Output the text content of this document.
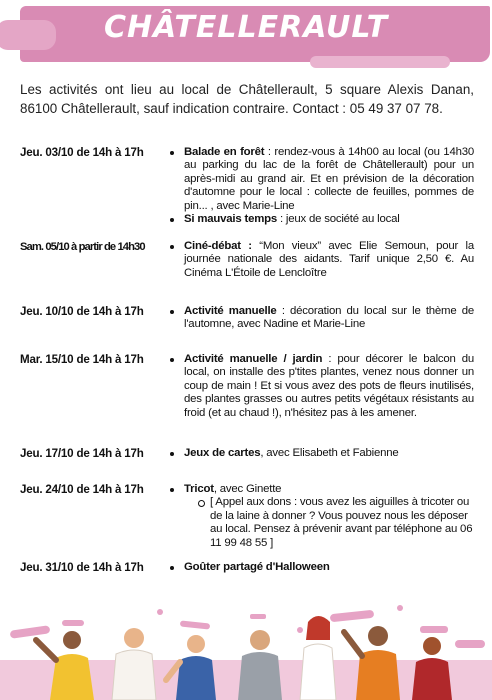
CHÂTELLERAULT

Les activités ont lieu au local de Châtellerault, 5 square Alexis Danan, 86100 Châtellerault, sauf indication contraire. Contact : 05 49 37 07 78.

Jeu. 03/10 de 14h à 17h	Balade en forêt : rendez-vous à 14h00 au local (ou 14h30 au parking du lac de la forêt de Châtellerault) pour un après-midi au grand air. Et en prévision de la décoration d'automne pour le local : collecte de feuilles, pommes de pin... , avec Marie-Line
Si mauvais temps : jeux de société au local
Sam. 05/10 à partir de 14h30	Ciné-débat : “Mon vieux” avec Elie Semoun, pour la journée nationale des aidants. Tarif unique 2,50 €. Au Cinéma L'Étoile de Lencloître
Jeu. 10/10 de 14h à 17h	Activité manuelle : décoration du local sur le thème de l'automne, avec Nadine et Marie-Line
Mar. 15/10 de 14h à 17h	Activité manuelle / jardin : pour décorer le balcon du local, on installe des p'tites plantes, venez nous donner un coup de main ! Et si vous avez des pots de fleurs inutilisés, des plantes grasses ou autres petits végétaux résistants au froid (et au chaud !), n'hésitez pas à les amener.
Jeu. 17/10 de 14h à 17h	Jeux de cartes, avec Elisabeth et Fabienne
Jeu. 24/10 de 14h à 17h	Tricot, avec Ginette
[ Appel aux dons : vous avez les aiguilles à tricoter ou de la laine à donner ? Vous pouvez nous les déposer au local. Pensez à prévenir avant par téléphone au 06 11 99 48 55 ]
Jeu. 31/10 de 14h à 17h	Goûter partagé d'Halloween
